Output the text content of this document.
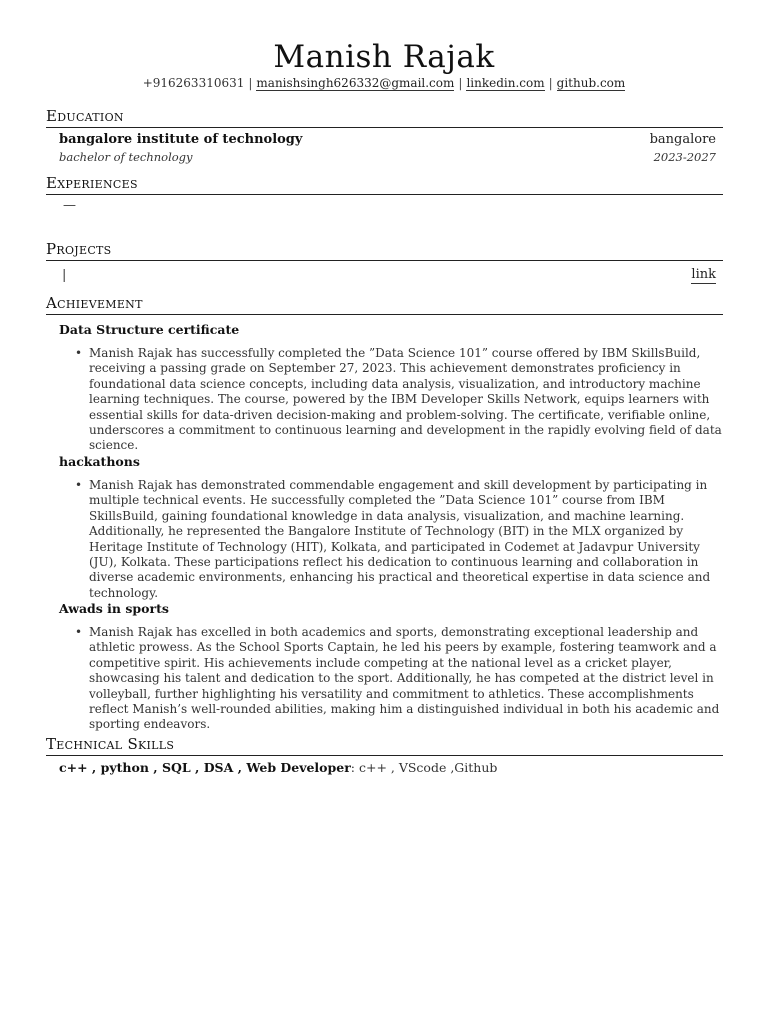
Manish Rajak
+916263310631 | manishsingh626332@gmail.com | linkedin.com | github.com
Education
bangalore institute of technology	bangalore
bachelor of technology	2023-2027
Experiences
—
Projects
|	link
Achievement
Data Structure certificate
• Manish Rajak has successfully completed the ”Data Science 101” course offered by IBM SkillsBuild, receiving a passing grade on September 27, 2023. This achievement demonstrates proficiency in foundational data science concepts, including data analysis, visualization, and introductory machine learning techniques. The course, powered by the IBM Developer Skills Network, equips learners with essential skills for data-driven decision-making and problem-solving. The certificate, verifiable online, underscores a commitment to continuous learning and development in the rapidly evolving field of data science.
hackathons
• Manish Rajak has demonstrated commendable engagement and skill development by participating in multiple technical events. He successfully completed the ”Data Science 101” course from IBM SkillsBuild, gaining foundational knowledge in data analysis, visualization, and machine learning. Additionally, he represented the Bangalore Institute of Technology (BIT) in the MLX organized by Heritage Institute of Technology (HIT), Kolkata, and participated in Codemet at Jadavpur University (JU), Kolkata. These participations reflect his dedication to continuous learning and collaboration in diverse academic environments, enhancing his practical and theoretical expertise in data science and technology.
Awads in sports
• Manish Rajak has excelled in both academics and sports, demonstrating exceptional leadership and athletic prowess. As the School Sports Captain, he led his peers by example, fostering teamwork and a competitive spirit. His achievements include competing at the national level as a cricket player, showcasing his talent and dedication to the sport. Additionally, he has competed at the district level in volleyball, further highlighting his versatility and commitment to athletics. These accomplishments reflect Manish’s well-rounded abilities, making him a distinguished individual in both his academic and sporting endeavors.
Technical Skills
c++ , python , SQL , DSA , Web Developer: c++ , VScode ,Github
